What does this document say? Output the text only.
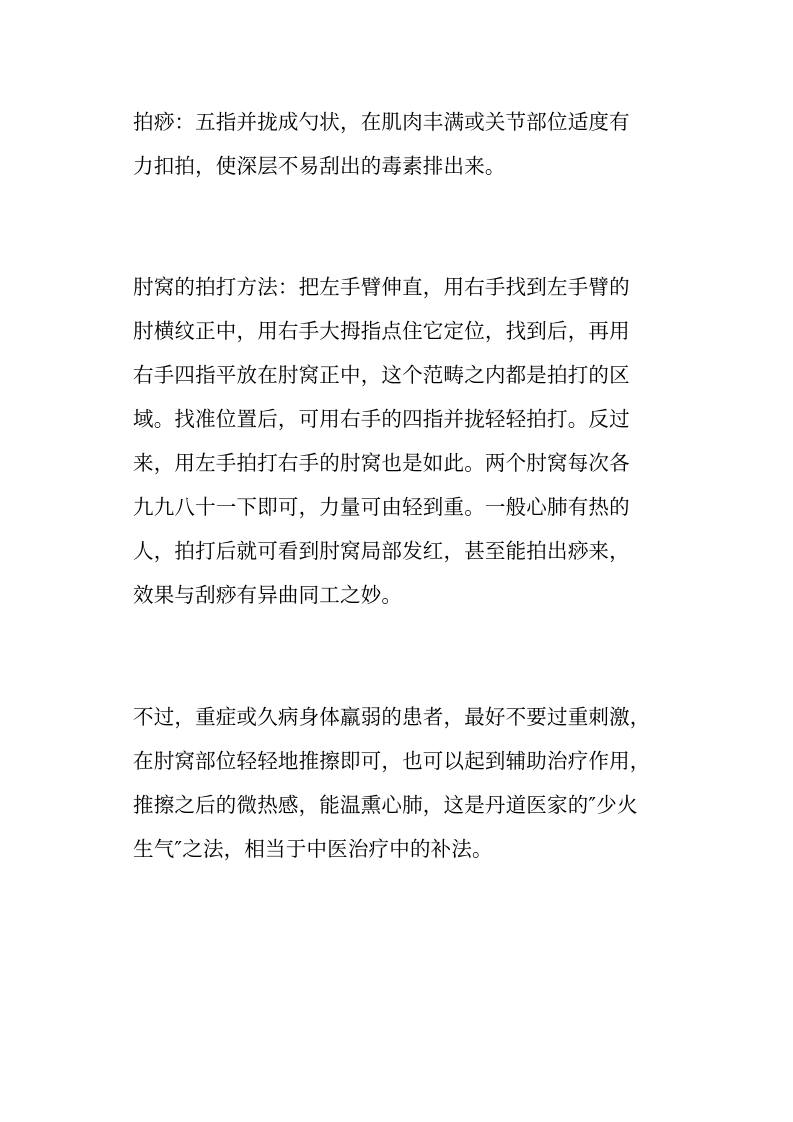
拍痧：五指并拢成勺状，在肌肉丰满或关节部位适度有
力扣拍，使深层不易刮出的毒素排出来。
肘窝的拍打方法：把左手臂伸直，用右手找到左手臂的
肘横纹正中，用右手大拇指点住它定位，找到后，再用
右手四指平放在肘窝正中，这个范畴之内都是拍打的区
域。找准位置后，可用右手的四指并拢轻轻拍打。反过
来，用左手拍打右手的肘窝也是如此。两个肘窝每次各
九九八十一下即可，力量可由轻到重。一般心肺有热的
人，拍打后就可看到肘窝局部发红，甚至能拍出痧来，
效果与刮痧有异曲同工之妙。
不过，重症或久病身体羸弱的患者，最好不要过重刺激，
在肘窝部位轻轻地推擦即可，也可以起到辅助治疗作用，
推擦之后的微热感，能温熏心肺，这是丹道医家的″少火
生气″之法，相当于中医治疗中的补法。
